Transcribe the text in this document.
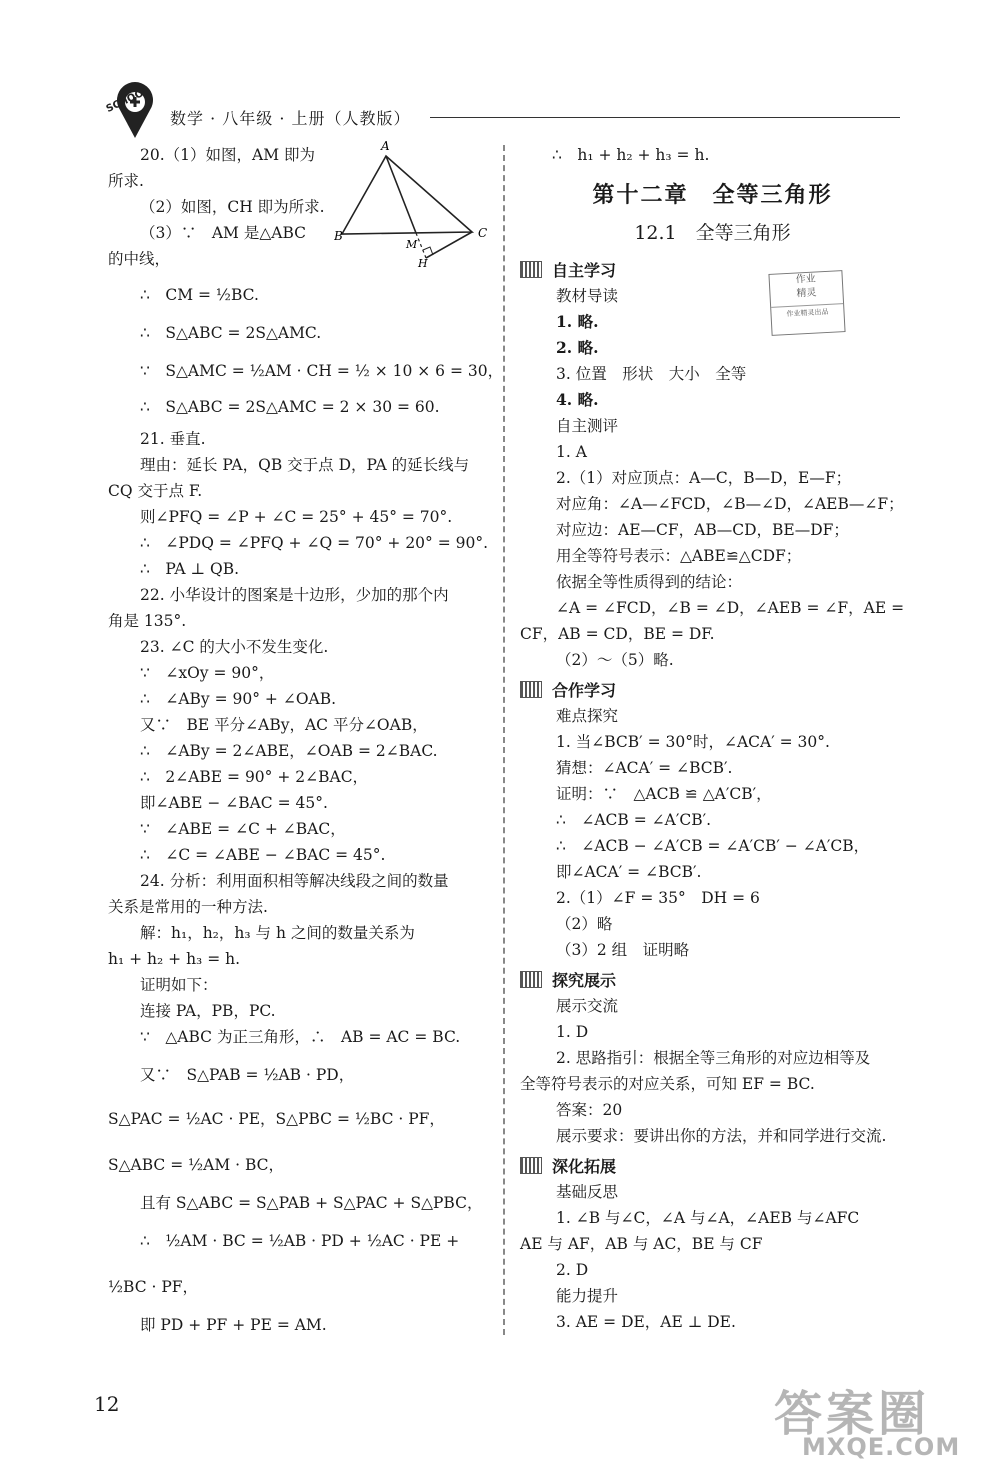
SCHOOL
数学 · 八年级 · 上册（人教版）
A
B	C
M
H
20.（1）如图，AM 即为
所求.
（2）如图，CH 即为所求.
（3）∵　AM 是△ABC
的中线，
∴　CM = ½BC.
∴　S△ABC = 2S△AMC.
∵　S△AMC = ½AM · CH = ½ × 10 × 6 = 30，
∴　S△ABC = 2S△AMC = 2 × 30 = 60.
21. 垂直.
理由：延长 PA，QB 交于点 D，PA 的延长线与
CQ 交于点 F.
则∠PFQ = ∠P + ∠C = 25° + 45° = 70°.
∴　∠PDQ = ∠PFQ + ∠Q = 70° + 20° = 90°.
∴　PA ⊥ QB.
22. 小华设计的图案是十边形，少加的那个内
角是 135°.
23. ∠C 的大小不发生变化.
∵　∠xOy = 90°，
∴　∠ABy = 90° + ∠OAB.
又∵　BE 平分∠ABy，AC 平分∠OAB，
∴　∠ABy = 2∠ABE，∠OAB = 2∠BAC.
∴　2∠ABE = 90° + 2∠BAC，
即∠ABE − ∠BAC = 45°.
∵　∠ABE = ∠C + ∠BAC，
∴　∠C = ∠ABE − ∠BAC = 45°.
24. 分析：利用面积相等解决线段之间的数量
关系是常用的一种方法.
解：h₁，h₂，h₃ 与 h 之间的数量关系为
h₁ + h₂ + h₃ = h.
证明如下：
连接 PA，PB，PC.
∵　△ABC 为正三角形，∴　AB = AC = BC.
又∵　S△PAB = ½AB · PD，
S△PAC = ½AC · PE，S△PBC = ½BC · PF，
S△ABC = ½AM · BC，
且有 S△ABC = S△PAB + S△PAC + S△PBC，
∴　½AM · BC = ½AB · PD + ½AC · PE +
½BC · PF，
即 PD + PF + PE = AM.
∴　h₁ + h₂ + h₃ = h.
第十二章　全等三角形
12.1　全等三角形
作业
精灵
作业精灵出品
自主学习
教材导读
1. 略.
2. 略.
3. 位置　形状　大小　全等
4. 略.
自主测评
1. A
2.（1）对应顶点：A—C，B—D，E—F；
对应角：∠A—∠FCD，∠B—∠D，∠AEB—∠F；
对应边：AE—CF，AB—CD，BE—DF；
用全等符号表示：△ABE≌△CDF；
依据全等性质得到的结论：
∠A = ∠FCD，∠B = ∠D，∠AEB = ∠F，AE =
CF，AB = CD，BE = DF.
（2）～（5）略.
合作学习
难点探究
1. 当∠BCB′ = 30°时，∠ACA′ = 30°.
猜想：∠ACA′ = ∠BCB′.
证明：∵　△ACB ≌ △A′CB′，
∴　∠ACB = ∠A′CB′.
∴　∠ACB − ∠A′CB = ∠A′CB′ − ∠A′CB，
即∠ACA′ = ∠BCB′.
2.（1）∠F = 35°　DH = 6
（2）略
（3）2 组　证明略
探究展示
展示交流
1. D
2. 思路指引：根据全等三角形的对应边相等及
全等符号表示的对应关系，可知 EF = BC.
答案：20
展示要求：要讲出你的方法，并和同学进行交流.
深化拓展
基础反思
1. ∠B 与∠C，∠A 与∠A，∠AEB 与∠AFC
AE 与 AF，AB 与 AC，BE 与 CF
2. D
能力提升
3. AE = DE，AE ⊥ DE.
12	答案圈
MXQE.COM
